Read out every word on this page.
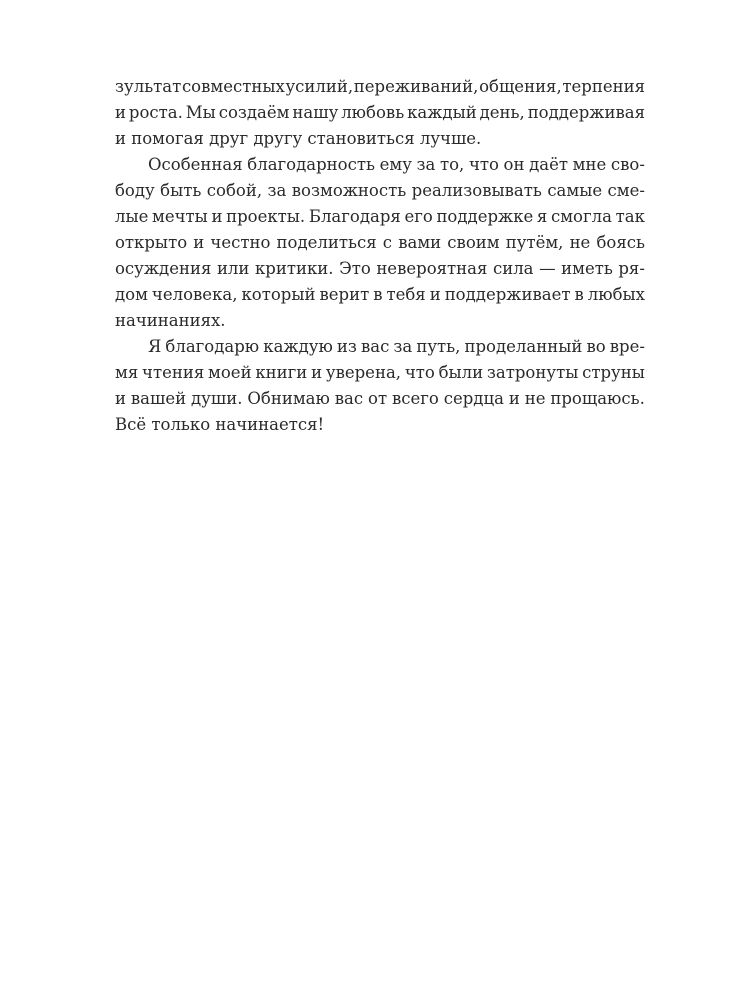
зультат совместных усилий, переживаний, общения, терпения
и роста. Мы создаём нашу любовь каждый день, поддерживая
и помогая друг другу становиться лучше.
Особенная благодарность ему за то, что он даёт мне сво-
боду быть собой, за возможность реализовывать самые сме-
лые мечты и проекты. Благодаря его поддержке я смогла так
открыто и честно поделиться с вами своим путём, не боясь
осуждения или критики. Это невероятная сила — иметь ря-
дом человека, который верит в тебя и поддерживает в любых
начинаниях.
Я благодарю каждую из вас за путь, проделанный во вре-
мя чтения моей книги и уверена, что были затронуты струны
и вашей души. Обнимаю вас от всего сердца и не прощаюсь.
Всё только начинается!
